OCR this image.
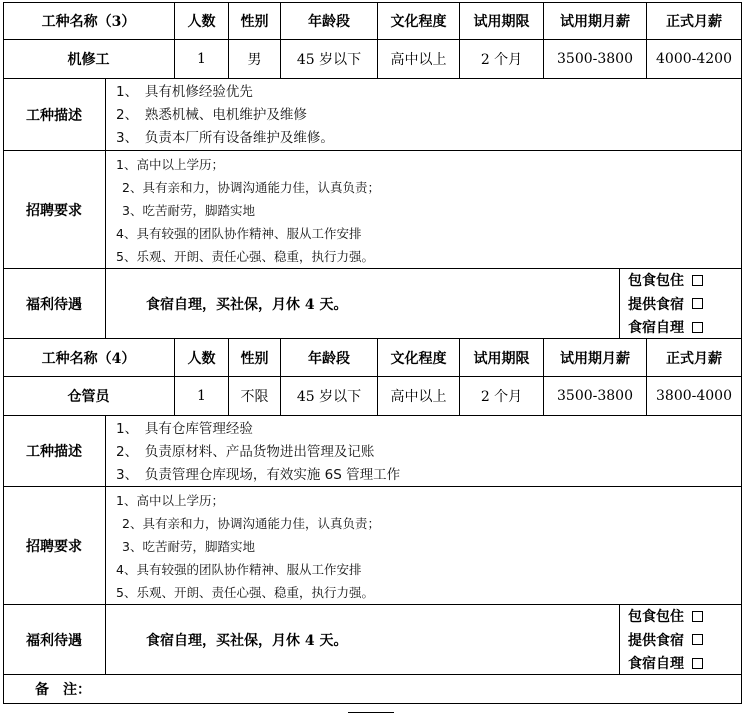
工种名称（3）	人数	性别	年龄段	文化程度	试用期限	试用期月薪	正式月薪
机修工	1	男	45 岁以下	高中以上	2 个月	3500-3800	4000-4200
工种描述
1、　具有机修经验优先
2、　熟悉机械、电机维护及维修
3、　负责本厂所有设备维护及维修。
招聘要求
1、高中以上学历；
2、具有亲和力，协调沟通能力佳，认真负责；
3、吃苦耐劳，脚踏实地
4、具有较强的团队协作精神、服从工作安排
5、乐观、开朗、责任心强、稳重，执行力强。
福利待遇	食宿自理，买社保，月休 4 天。
包食包住
提供食宿
食宿自理
工种名称（4）	人数	性别	年龄段	文化程度	试用期限	试用期月薪	正式月薪
仓管员	1	不限	45 岁以下	高中以上	2 个月	3500-3800	3800-4000
工种描述
1、　具有仓库管理经验
2、　负责原材料、产品货物进出管理及记账
3、　负责管理仓库现场，有效实施 6S 管理工作
招聘要求
1、高中以上学历；
2、具有亲和力，协调沟通能力佳，认真负责；
3、吃苦耐劳，脚踏实地
4、具有较强的团队协作精神、服从工作安排
5、乐观、开朗、责任心强、稳重，执行力强。
福利待遇	食宿自理，买社保，月休 4 天。
包食包住
提供食宿
食宿自理
备　注：
